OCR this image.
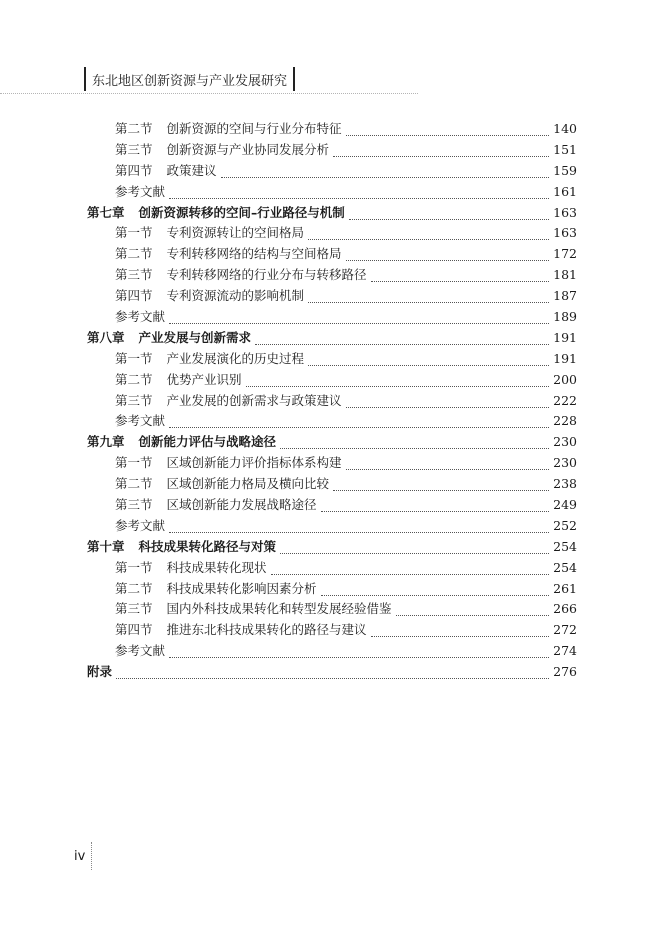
东北地区创新资源与产业发展研究
第二节 创新资源的空间与行业分布特征	140
第三节 创新资源与产业协同发展分析	151
第四节 政策建议	159
参考文献	161
第七章 创新资源转移的空间–行业路径与机制	163
第一节 专利资源转让的空间格局	163
第二节 专利转移网络的结构与空间格局	172
第三节 专利转移网络的行业分布与转移路径	181
第四节 专利资源流动的影响机制	187
参考文献	189
第八章 产业发展与创新需求	191
第一节 产业发展演化的历史过程	191
第二节 优势产业识别	200
第三节 产业发展的创新需求与政策建议	222
参考文献	228
第九章 创新能力评估与战略途径	230
第一节 区域创新能力评价指标体系构建	230
第二节 区域创新能力格局及横向比较	238
第三节 区域创新能力发展战略途径	249
参考文献	252
第十章 科技成果转化路径与对策	254
第一节 科技成果转化现状	254
第二节 科技成果转化影响因素分析	261
第三节 国内外科技成果转化和转型发展经验借鉴	266
第四节 推进东北科技成果转化的路径与建议	272
参考文献	274
附录	276
iv
